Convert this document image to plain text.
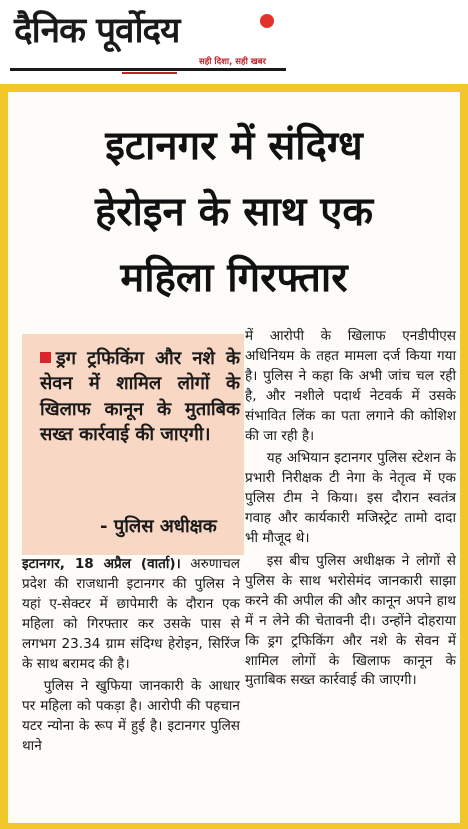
दैनिक पूर्वोदय
सही दिशा, सही खबर
इटानगर में संदिग्ध
हेरोइन के साथ एक
महिला गिरफ्तार
ड्रग ट्रफिकिंग और नशे के सेवन में शामिल लोगों के खिलाफ कानून के मुताबिक सख्त कार्रवाई की जाएगी।
- पुलिस अधीक्षक

इटानगर, 18 अप्रैल (वार्ता)। अरुणाचल प्रदेश की राजधानी इटानगर की पुलिस ने यहां ए-सेक्टर में छापेमारी के दौरान एक महिला को गिरफ्तार कर उसके पास से लगभग 23.34 ग्राम संदिग्ध हेरोइन, सिरिंज के साथ बरामद की है।

पुलिस ने खुफिया जानकारी के आधार पर महिला को पकड़ा है। आरोपी की पहचान यटर न्योना के रूप में हुई है। इटानगर पुलिस थाने

में आरोपी के खिलाफ एनडीपीएस अधिनियम के तहत मामला दर्ज किया गया है। पुलिस ने कहा कि अभी जांच चल रही है, और नशीले पदार्थ नेटवर्क में उसके संभावित लिंक का पता लगाने की कोशिश की जा रही है।

यह अभियान इटानगर पुलिस स्टेशन के प्रभारी निरीक्षक टी नेगा के नेतृत्व में एक पुलिस टीम ने किया। इस दौरान स्वतंत्र गवाह और कार्यकारी मजिस्ट्रेट तामो दादा भी मौजूद थे।

इस बीच पुलिस अधीक्षक ने लोगों से पुलिस के साथ भरोसेमंद जानकारी साझा करने की अपील की और कानून अपने हाथ में न लेने की चेतावनी दी। उन्होंने दोहराया कि ड्रग ट्रफिकिंग और नशे के सेवन में शामिल लोगों के खिलाफ कानून के मुताबिक सख्त कार्रवाई की जाएगी।
